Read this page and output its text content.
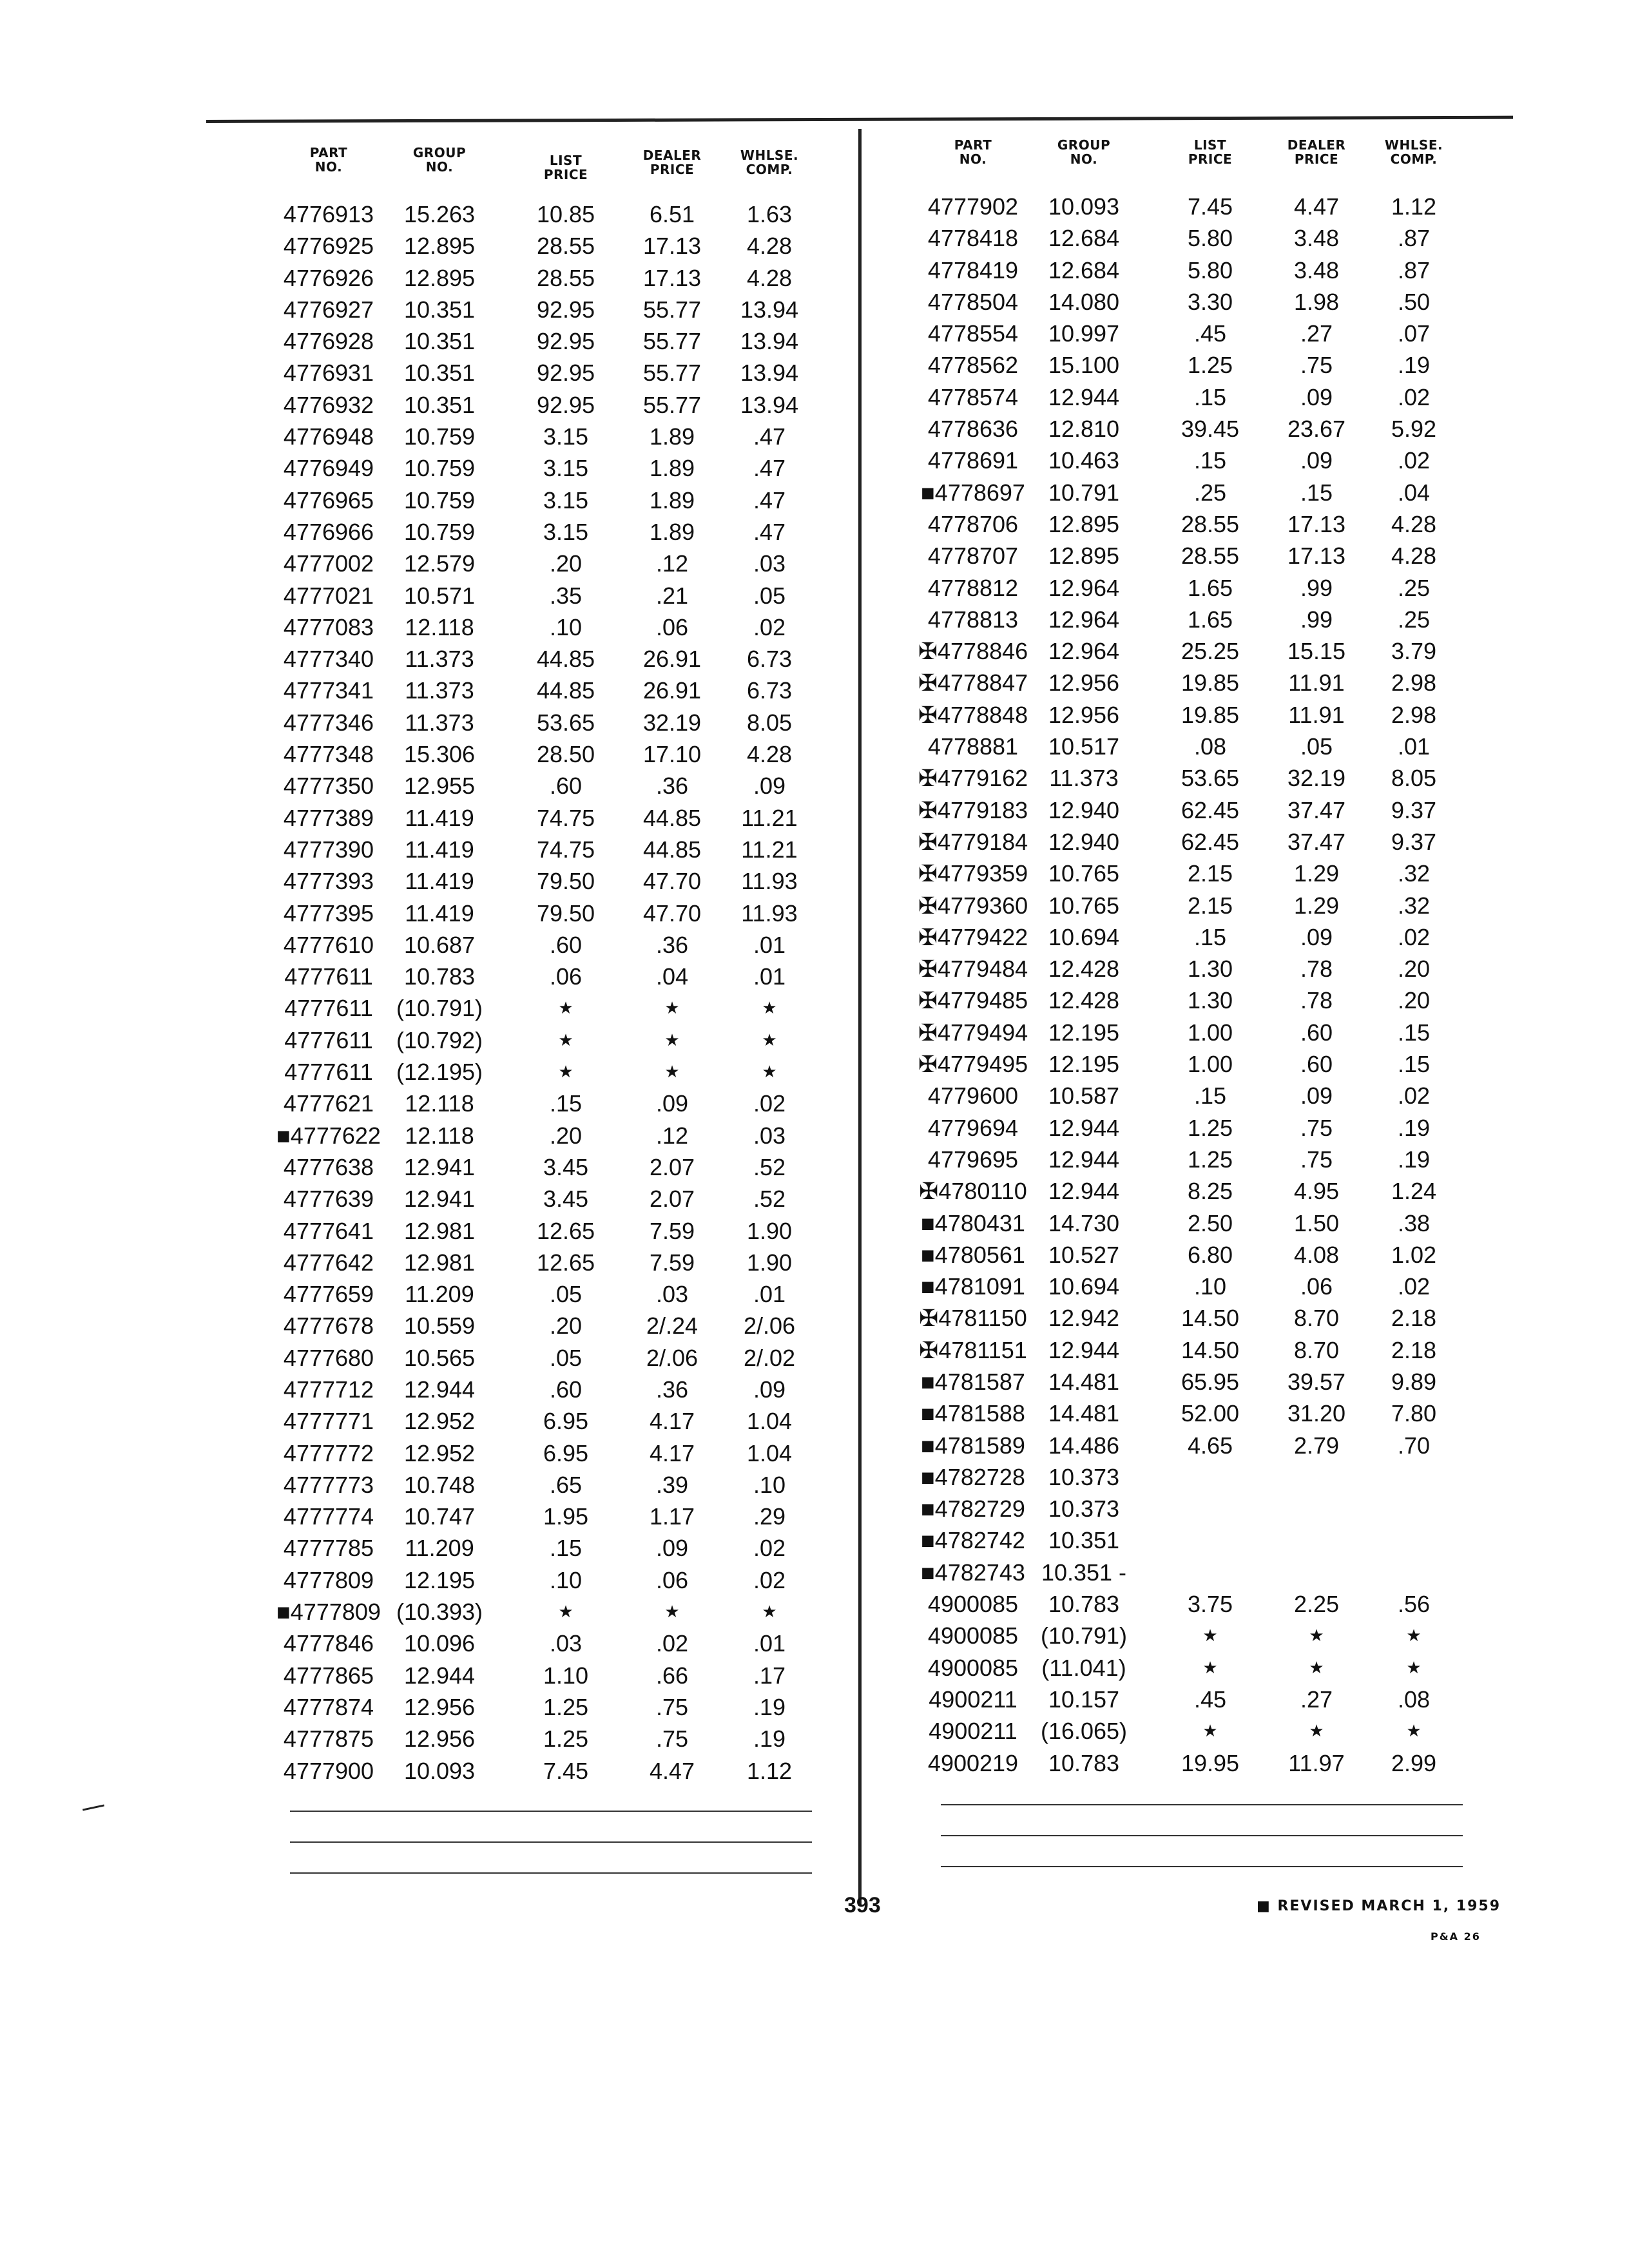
PART
NO.
GROUP
NO.	LIST
PRICE
DEALER
PRICE
WHLSE.
COMP.
4776913 15.263	10.85 6.51 1.63
4776925 12.895	28.55 17.13 4.28
4776926 12.895	28.55 17.13 4.28
4776927 10.351	92.95 55.77 13.94
4776928 10.351	92.95 55.77 13.94
4776931 10.351	92.95 55.77 13.94
4776932 10.351	92.95 55.77 13.94
4776948 10.759	3.15	1.89	.47
4776949 10.759	3.15	1.89	.47
4776965 10.759	3.15	1.89	.47
4776966 10.759	3.15	1.89	.47
4777002 12.579	.20	.12	.03
4777021 10.571	.35	.21	.05
4777083 12.118	.10	.06	.02
4777340 11.373	44.85 26.91 6.73
4777341 11.373	44.85 26.91 6.73
4777346 11.373	53.65 32.19 8.05
4777348 15.306	28.50 17.10 4.28
4777350 12.955	.60	.36	.09
4777389 11.419	74.75 44.85 11.21
4777390 11.419	74.75 44.85 11.21
4777393 11.419	79.50 47.70 11.93
4777395 11.419	79.50 47.70 11.93
4777610 10.687	.60	.36	.01
4777611 10.783	.06	.04	.01
4777611 (10.791)	★	★	★
4777611 (10.792)	★	★	★
4777611 (12.195)	★	★	★
4777621 12.118	.15	.09	.02
■4777622 12.118	.20	.12	.03
4777638 12.941	3.45	2.07	.52
4777639 12.941	3.45	2.07	.52
4777641 12.981	12.65 7.59 1.90
4777642 12.981	12.65 7.59 1.90
4777659 11.209	.05	.03	.01
4777678 10.559	.20	2/.24 2/.06
4777680 10.565	.05	2/.06 2/.02
4777712 12.944	.60	.36	.09
4777771 12.952	6.95	4.17 1.04
4777772 12.952	6.95	4.17 1.04
4777773 10.748	.65	.39	.10
4777774 10.747	1.95	1.17	.29
4777785 11.209	.15	.09	.02
4777809 12.195	.10	.06	.02
■4777809 (10.393)	★	★	★
4777846 10.096	.03	.02	.01
4777865 12.944	1.10	.66	.17
4777874 12.956	1.25	.75	.19
4777875 12.956	1.25	.75	.19
4777900 10.093	7.45	4.47 1.12
PART
NO.
GROUP
NO.
LIST
PRICE
DEALER
PRICE
WHLSE.
COMP.
4777902 10.093	7.45	4.47 1.12
4778418 12.684	5.80	3.48	.87
4778419 12.684	5.80	3.48	.87
4778504 14.080	3.30	1.98	.50
4778554 10.997	.45	.27	.07
4778562 15.100	1.25	.75	.19
4778574 12.944	.15	.09	.02
4778636 12.810	39.45 23.67 5.92
4778691 10.463	.15	.09	.02
■4778697 10.791	.25	.15	.04
4778706 12.895	28.55 17.13 4.28
4778707 12.895	28.55 17.13 4.28
4778812 12.964	1.65	.99	.25
4778813 12.964	1.65	.99	.25
✠4778846 12.964	25.25 15.15 3.79
✠4778847 12.956	19.85 11.91 2.98
✠4778848 12.956	19.85 11.91 2.98
4778881 10.517	.08	.05	.01
✠4779162 11.373	53.65 32.19 8.05
✠4779183 12.940	62.45 37.47 9.37
✠4779184 12.940	62.45 37.47 9.37
✠4779359 10.765	2.15	1.29	.32
✠4779360 10.765	2.15	1.29	.32
✠4779422 10.694	.15	.09	.02
✠4779484 12.428	1.30	.78	.20
✠4779485 12.428	1.30	.78	.20
✠4779494 12.195	1.00	.60	.15
✠4779495 12.195	1.00	.60	.15
4779600 10.587	.15	.09	.02
4779694 12.944	1.25	.75	.19
4779695 12.944	1.25	.75	.19
✠4780110 12.944	8.25	4.95 1.24
■4780431 14.730	2.50	1.50	.38
■4780561 10.527	6.80	4.08 1.02
■4781091 10.694	.10	.06	.02
✠4781150 12.942	14.50 8.70 2.18
✠4781151 12.944	14.50 8.70 2.18
■4781587 14.481	65.95 39.57 9.89
■4781588 14.481	52.00 31.20 7.80
■4781589 14.486	4.65	2.79	.70
■4782728 10.373
■4782729 10.373
■4782742 10.351
■4782743 10.351 -
4900085 10.783	3.75	2.25	.56
4900085 (10.791)	★	★	★
4900085 (11.041)	★	★	★
4900211 10.157	.45	.27	.08
4900211 (16.065)	★	★	★
4900219 10.783	19.95 11.97 2.99
393	■ REVISED MARCH 1, 1959
P&A 26
